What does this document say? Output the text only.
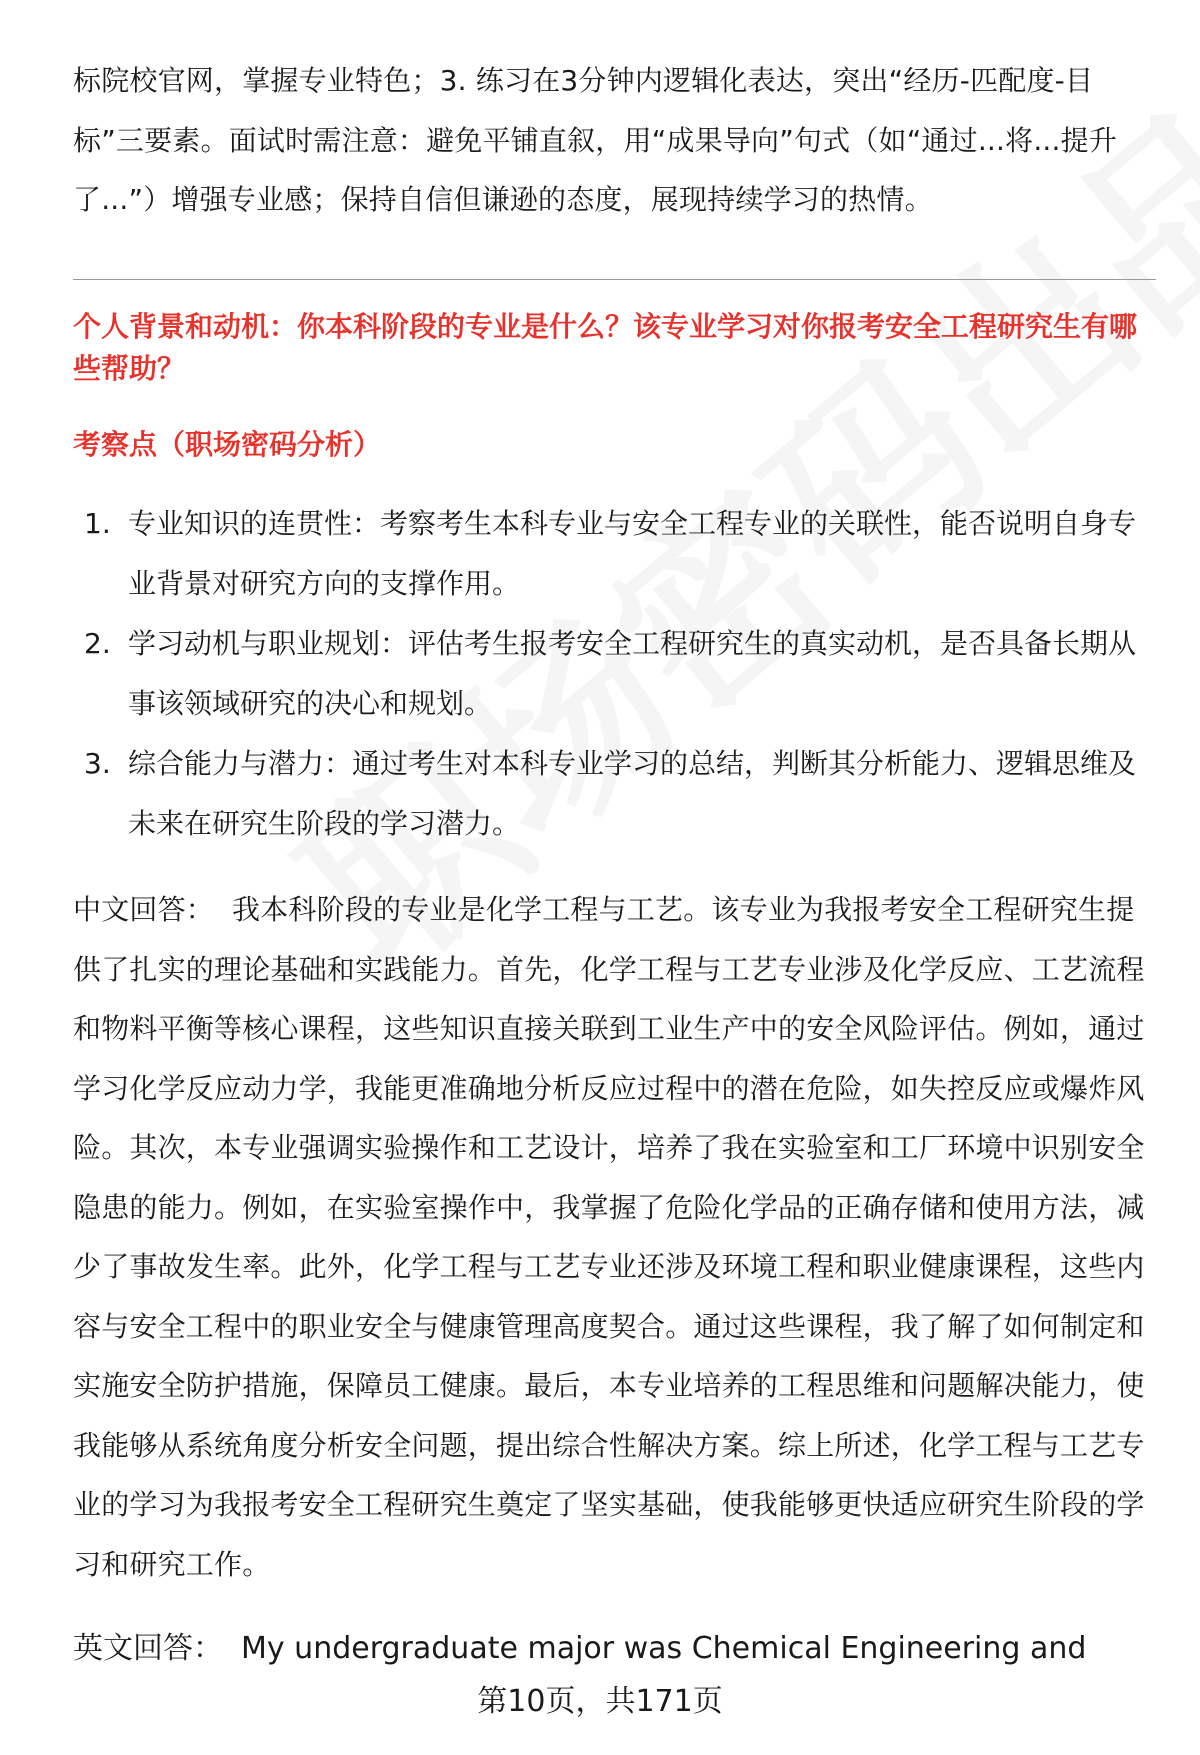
标院校官网，掌握专业特色；3. 练习在3分钟内逻辑化表达，突出“经历-匹配度-目标”三要素。面试时需注意：避免平铺直叙，用“成果导向”句式（如“通过...将...提升了...”）增强专业感；保持自信但谦逊的态度，展现持续学习的热情。
个人背景和动机：你本科阶段的专业是什么？该专业学习对你报考安全工程研究生有哪些帮助？
考察点（职场密码分析）
1. 专业知识的连贯性：考察考生本科专业与安全工程专业的关联性，能否说明自身专业背景对研究方向的支撑作用。
2. 学习动机与职业规划：评估考生报考安全工程研究生的真实动机，是否具备长期从事该领域研究的决心和规划。
3. 综合能力与潜力：通过考生对本科专业学习的总结，判断其分析能力、逻辑思维及未来在研究生阶段的学习潜力。
中文回答： 我本科阶段的专业是化学工程与工艺。该专业为我报考安全工程研究生提供了扎实的理论基础和实践能力。首先，化学工程与工艺专业涉及化学反应、工艺流程和物料平衡等核心课程，这些知识直接关联到工业生产中的安全风险评估。例如，通过学习化学反应动力学，我能更准确地分析反应过程中的潜在危险，如失控反应或爆炸风险。其次，本专业强调实验操作和工艺设计，培养了我在实验室和工厂环境中识别安全隐患的能力。例如，在实验室操作中，我掌握了危险化学品的正确存储和使用方法，减少了事故发生率。此外，化学工程与工艺专业还涉及环境工程和职业健康课程，这些内容与安全工程中的职业安全与健康管理高度契合。通过这些课程，我了解了如何制定和实施安全防护措施，保障员工健康。最后，本专业培养的工程思维和问题解决能力，使我能够从系统角度分析安全问题，提出综合性解决方案。综上所述，化学工程与工艺专业的学习为我报考安全工程研究生奠定了坚实基础，使我能够更快适应研究生阶段的学习和研究工作。
英文回答： My undergraduate major was Chemical Engineering and
第10页，共171页
